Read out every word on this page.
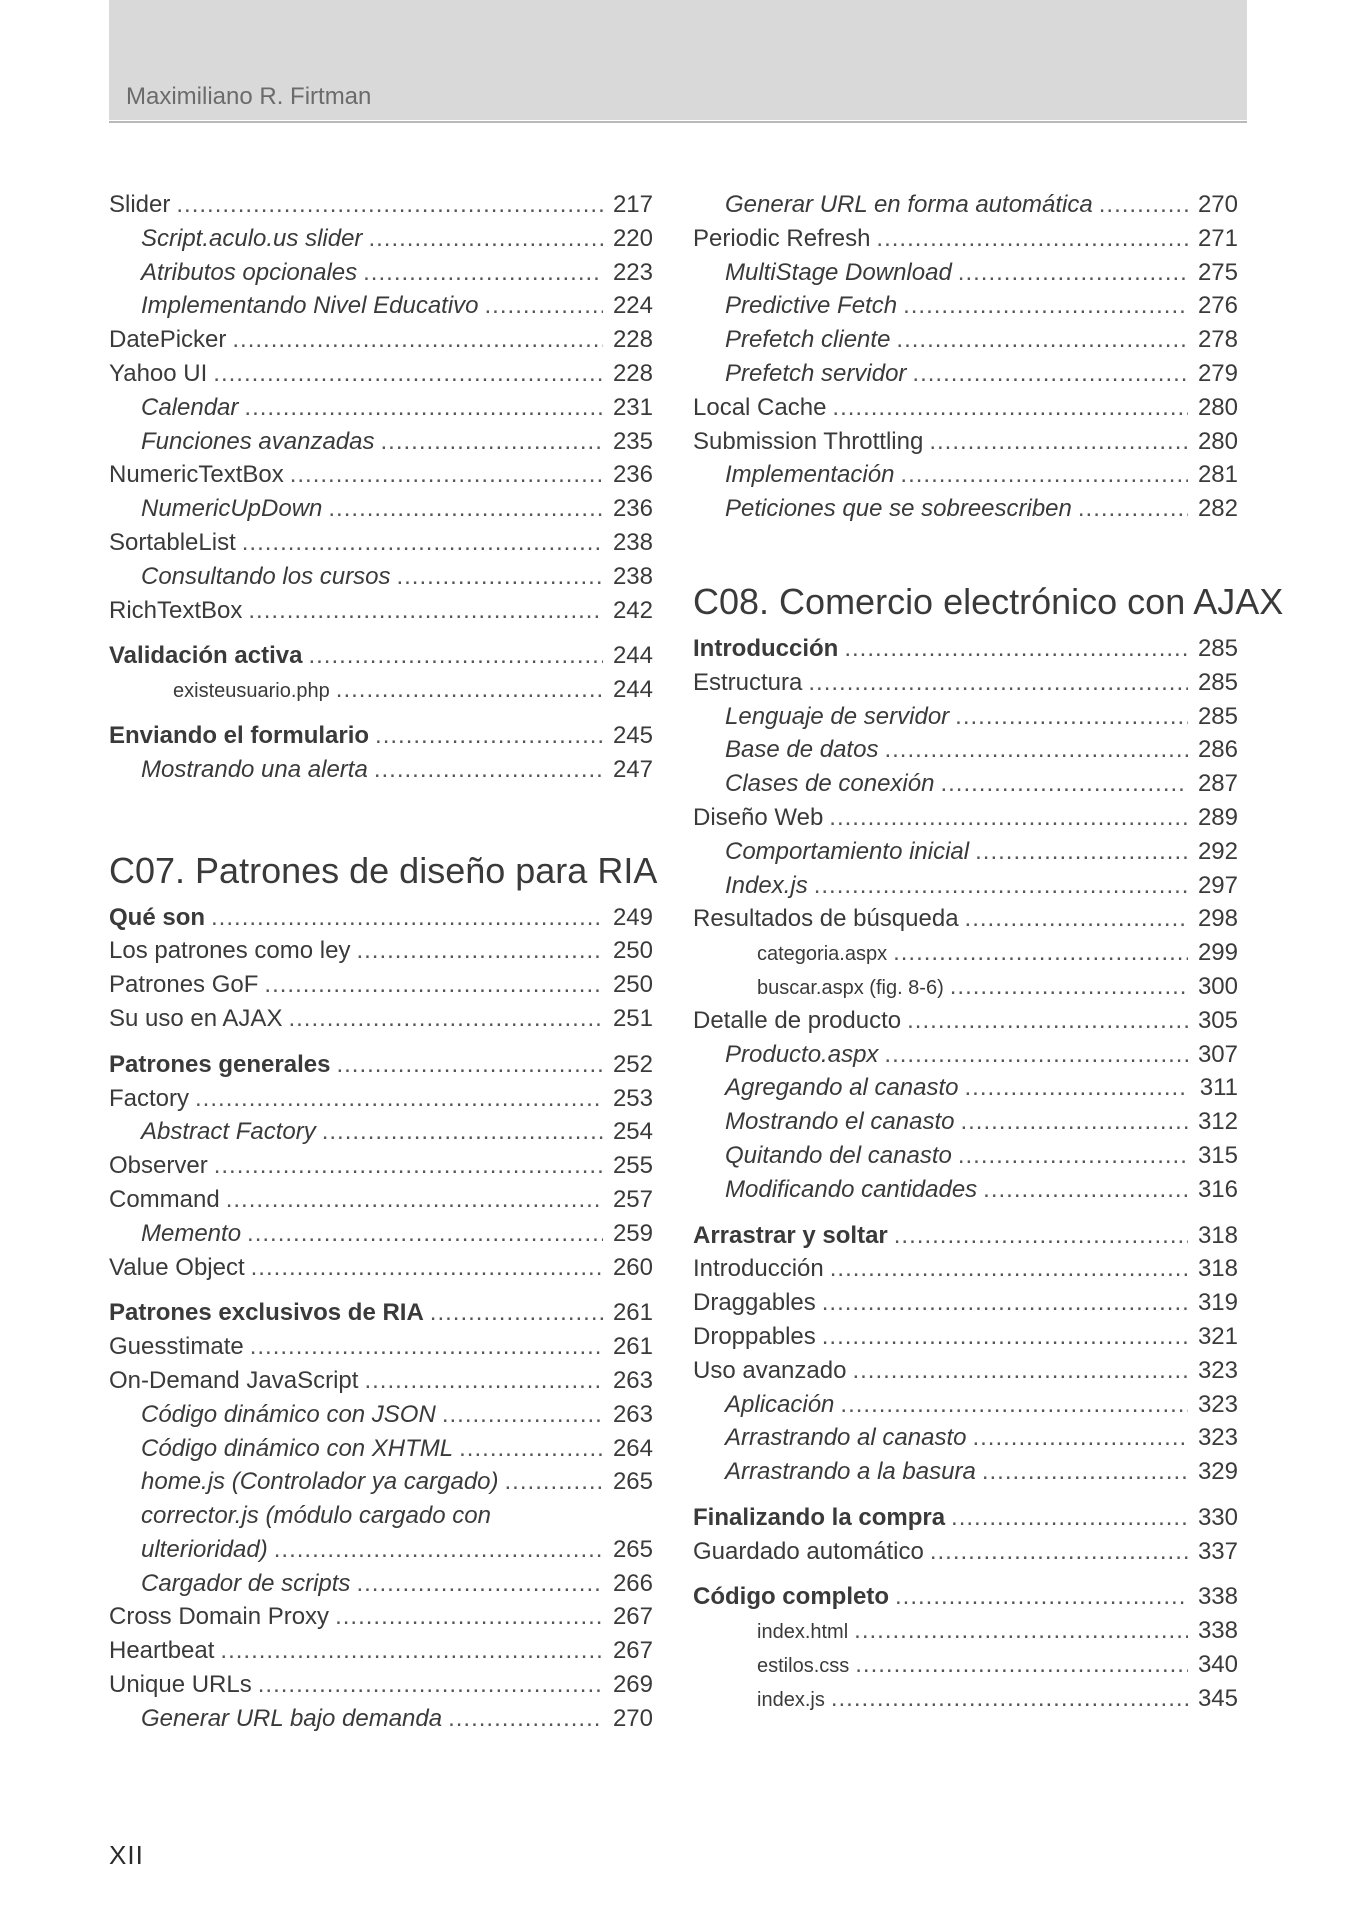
Maximiliano R. Firtman
Slider .....	217
Script.aculo.us slider .....	220
Atributos opcionales .....	223
Implementando Nivel Educativo .....	224
DatePicker .....	228
Yahoo UI .....	228
Calendar .....	231
Funciones avanzadas .....	235
NumericTextBox .....	236
NumericUpDown .....	236
SortableList .....	238
Consultando los cursos .....	238
RichTextBox .....	242
Validación activa .....	244
existeusuario.php .....	244
Enviando el formulario .....	245
Mostrando una alerta .....	247
C07. Patrones de diseño para RIA
Qué son .....	249
Los patrones como ley .....	250
Patrones GoF .....	250
Su uso en AJAX .....	251
Patrones generales .....	252
Factory .....	253
Abstract Factory .....	254
Observer .....	255
Command .....	257
Memento .....	259
Value Object .....	260
Patrones exclusivos de RIA .....	261
Guesstimate .....	261
On-Demand JavaScript .....	263
Código dinámico con JSON .....	263
Código dinámico con XHTML .....	264
home.js (Controlador ya cargado) .....	265
corrector.js (módulo cargado con
ulterioridad) .....	265
Cargador de scripts .....	266
Cross Domain Proxy .....	267
Heartbeat .....	267
Unique URLs .....	269
Generar URL bajo demanda .....	270
Generar URL en forma automática .....	270
Periodic Refresh .....	271
MultiStage Download .....	275
Predictive Fetch .....	276
Prefetch cliente .....	278
Prefetch servidor .....	279
Local Cache .....	280
Submission Throttling .....	280
Implementación .....	281
Peticiones que se sobreescriben .....	282
C08. Comercio electrónico con AJAX
Introducción .....	285
Estructura .....	285
Lenguaje de servidor .....	285
Base de datos .....	286
Clases de conexión .....	287
Diseño Web .....	289
Comportamiento inicial .....	292
Index.js .....	297
Resultados de búsqueda .....	298
categoria.aspx .....	299
buscar.aspx (fig. 8-6) .....	300
Detalle de producto .....	305
Producto.aspx .....	307
Agregando al canasto .....	311
Mostrando el canasto .....	312
Quitando del canasto .....	315
Modificando cantidades .....	316
Arrastrar y soltar .....	318
Introducción .....	318
Draggables .....	319
Droppables .....	321
Uso avanzado .....	323
Aplicación .....	323
Arrastrando al canasto .....	323
Arrastrando a la basura .....	329
Finalizando la compra .....	330
Guardado automático .....	337
Código completo .....	338
index.html .....	338
estilos.css .....	340
index.js .....	345
XII
